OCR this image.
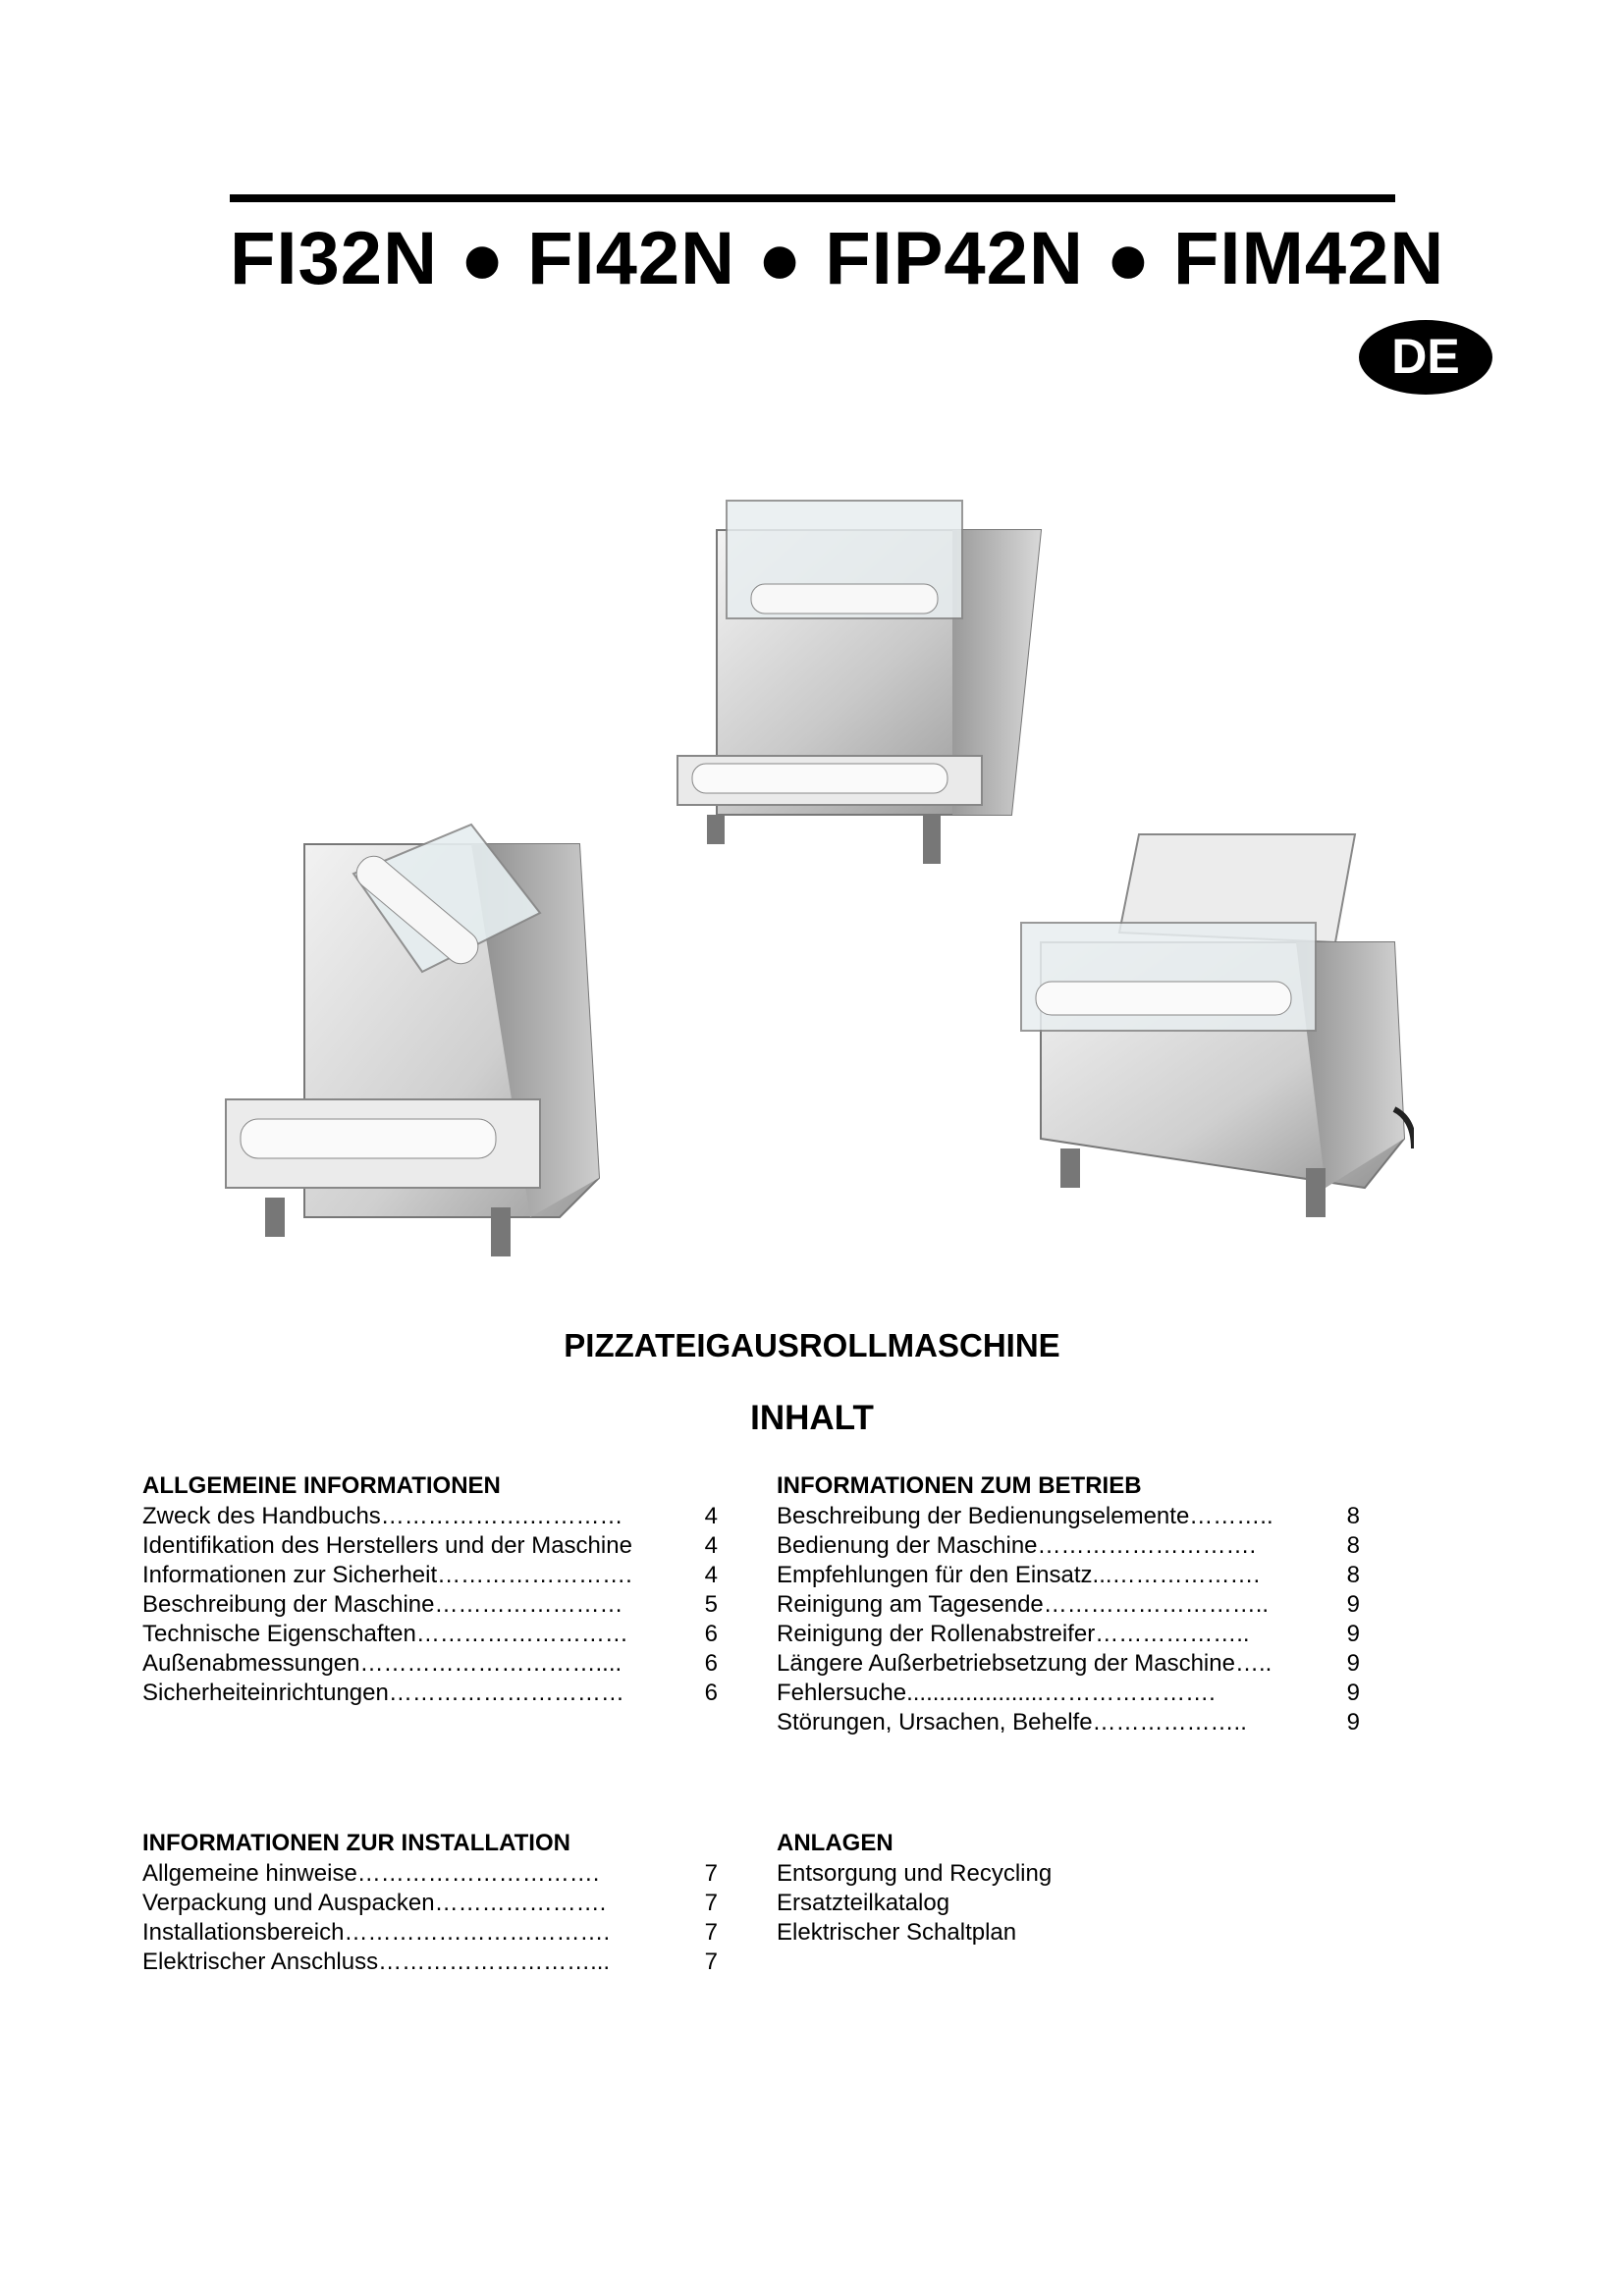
FI32N ● FI42N ● FIP42N ● FIM42N
DE
PIZZATEIGAUSROLLMASCHINE
INHALT
ALLGEMEINE INFORMATIONEN
Zweck des Handbuchs……………….…………	4
Identifikation des Herstellers und der Maschine	4
Informationen zur Sicherheit…………………….	4
Beschreibung der Maschine……………………	5
Technische Eigenschaften………………………	6
Außenabmessungen…………………………....	6
Sicherheiteinrichtungen…………………………	6
INFORMATIONEN ZUM BETRIEB
Beschreibung der Bedienungselemente………..	8
Bedienung der Maschine……………………….	8
Empfehlungen für den Einsatz...……………….	8
Reinigung am Tagesende………………………..	9
Reinigung der Rollenabstreifer………………..	9
Längere Außerbetriebsetzung der Maschine…..	9
Fehlersuche.....................………………….	9
Störungen, Ursachen, Behelfe………………..	9
INFORMATIONEN ZUR INSTALLATION
Allgemeine hinweise………………………….	7
Verpackung und Auspacken………………….	7
Installationsbereich…………………………….	7
Elektrischer Anschluss………………………...	7
ANLAGEN
Entsorgung und Recycling
Ersatzteilkatalog
Elektrischer Schaltplan
